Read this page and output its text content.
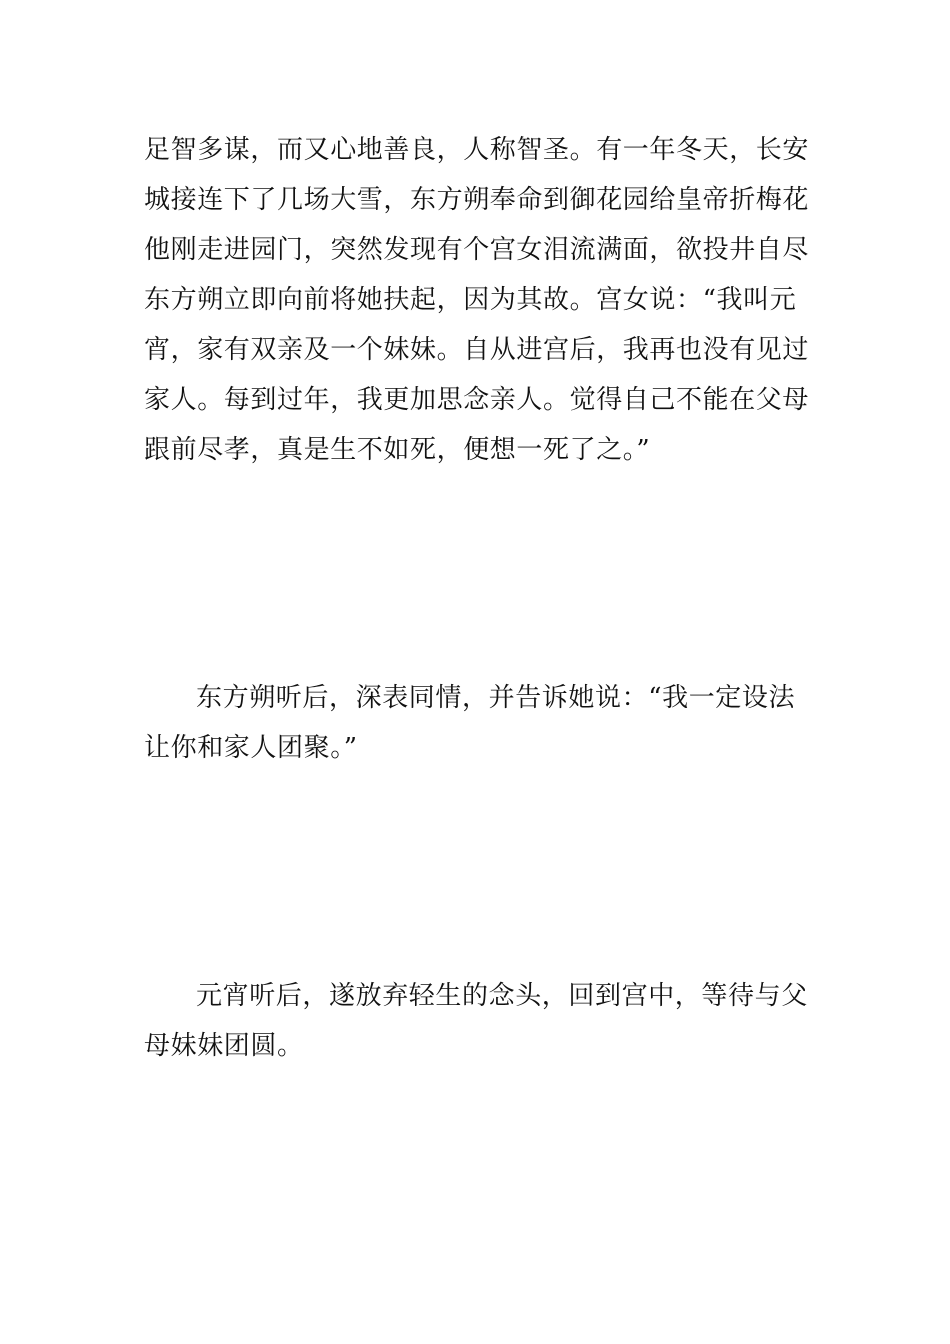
足智多谋，而又心地善良，人称智圣。有一年冬天，长安
城接连下了几场大雪，东方朔奉命到御花园给皇帝折梅花
他刚走进园门，突然发现有个宫女泪流满面，欲投井自尽
东方朔立即向前将她扶起，因为其故。宫女说：“我叫元
宵，家有双亲及一个妹妹。自从进宫后，我再也没有见过
家人。每到过年，我更加思念亲人。觉得自己不能在父母
跟前尽孝，真是生不如死，便想一死了之。”
东方朔听后，深表同情，并告诉她说：“我一定设法
让你和家人团聚。”
元宵听后，遂放弃轻生的念头，回到宫中，等待与父
母妹妹团圆。
